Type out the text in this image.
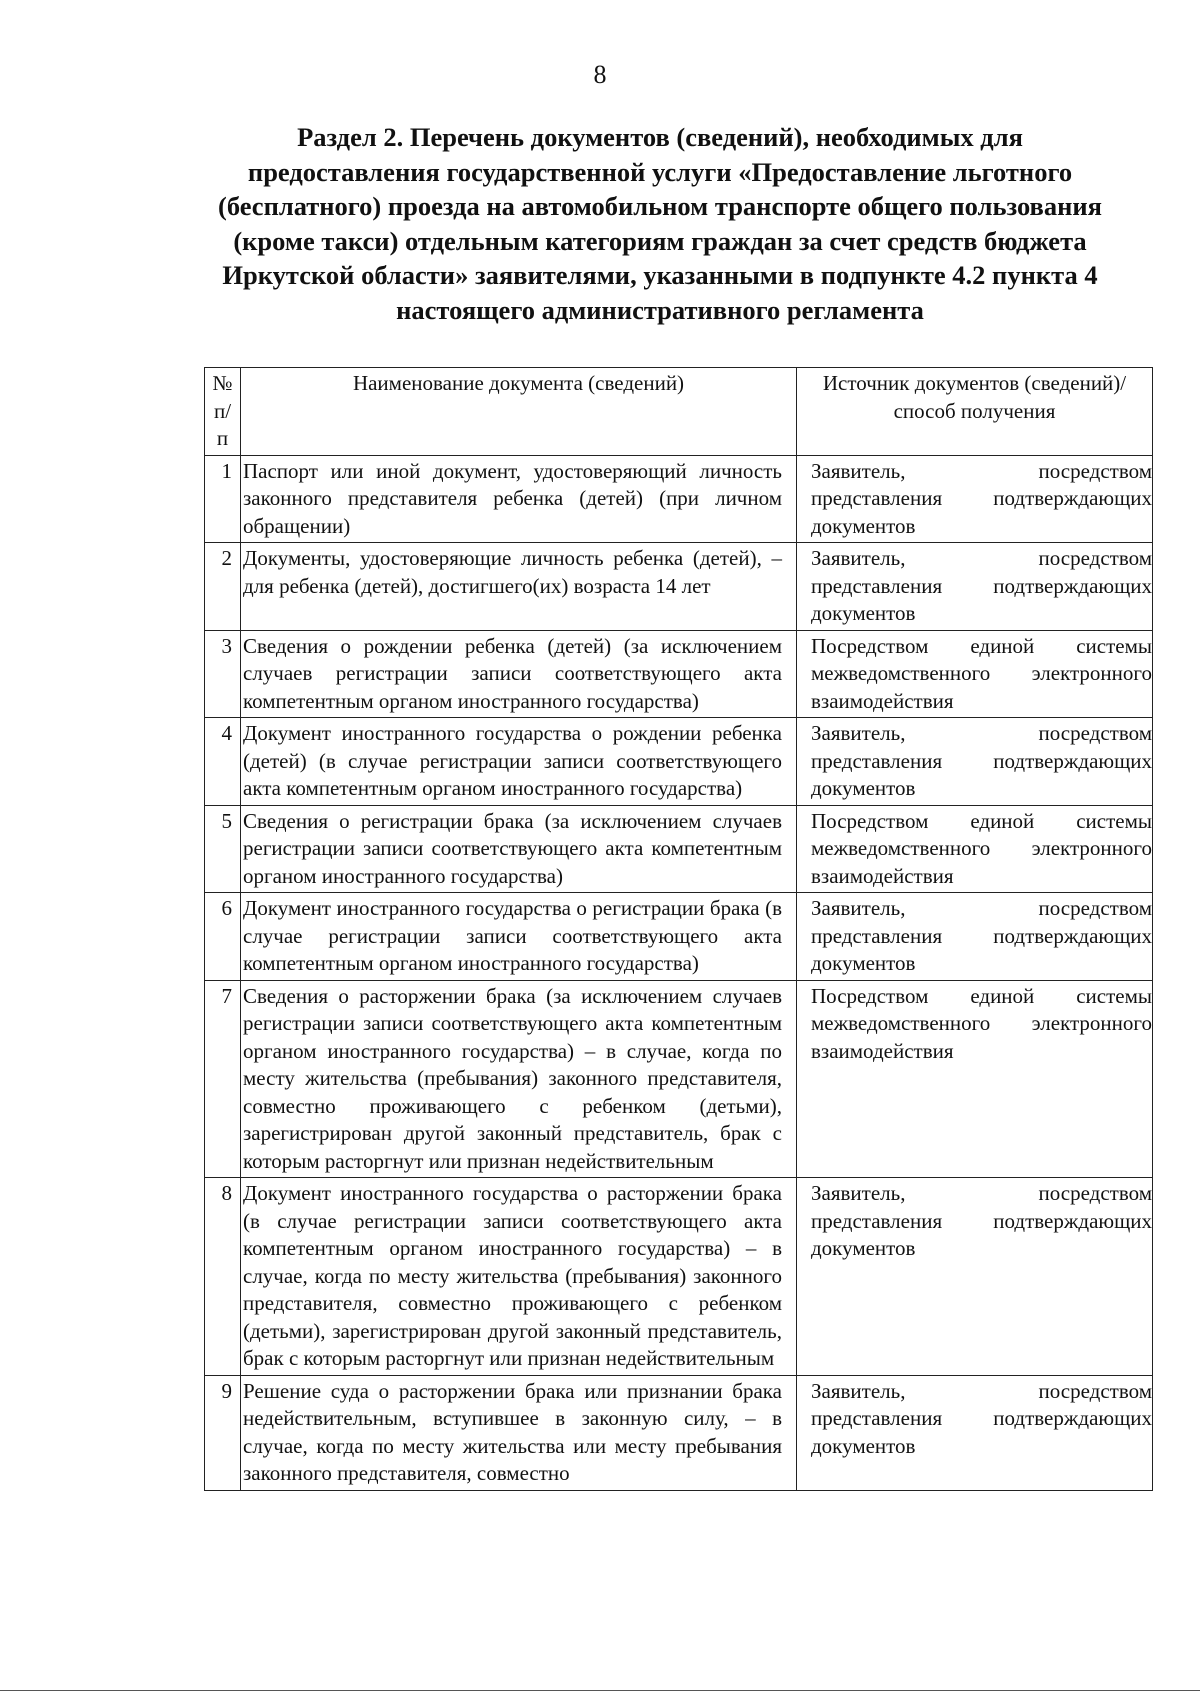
8
Раздел 2. Перечень документов (сведений), необходимых для предоставления государственной услуги «Предоставление льготного (бесплатного) проезда на автомобильном транспорте общего пользования (кроме такси) отдельным категориям граждан за счет средств бюджета Иркутской области» заявителями, указанными в подпункте 4.2 пункта 4 настоящего административного регламента
№ п/п	Наименование документа (сведений)	Источник документов (сведений)/способ получения
1	Паспорт или иной документ, удостоверяющий личность законного представителя ребенка (детей) (при личном обращении)	Заявитель, посредством представления подтверждающих документов
2	Документы, удостоверяющие личность ребенка (детей), – для ребенка (детей), достигшего(их) возраста 14 лет	Заявитель, посредством представления подтверждающих документов
3	Сведения о рождении ребенка (детей) (за исключением случаев регистрации записи соответствующего акта компетентным органом иностранного государства)	Посредством единой системы межведомственного электронного взаимодействия
4	Документ иностранного государства о рождении ребенка (детей) (в случае регистрации записи соответствующего акта компетентным органом иностранного государства)	Заявитель, посредством представления подтверждающих документов
5	Сведения о регистрации брака (за исключением случаев регистрации записи соответствующего акта компетентным органом иностранного государства)	Посредством единой системы межведомственного электронного взаимодействия
6	Документ иностранного государства о регистрации брака (в случае регистрации записи соответствующего акта компетентным органом иностранного государства)	Заявитель, посредством представления подтверждающих документов
7	Сведения о расторжении брака (за исключением случаев регистрации записи соответствующего акта компетентным органом иностранного государства) – в случае, когда по месту жительства (пребывания) законного представителя, совместно проживающего с ребенком (детьми), зарегистрирован другой законный представитель, брак с которым расторгнут или признан недействительным	Посредством единой системы межведомственного электронного взаимодействия
8	Документ иностранного государства о расторжении брака (в случае регистрации записи соответствующего акта компетентным органом иностранного государства) – в случае, когда по месту жительства (пребывания) законного представителя, совместно проживающего с ребенком (детьми), зарегистрирован другой законный представитель, брак с которым расторгнут или признан недействительным	Заявитель, посредством представления подтверждающих документов
9	Решение суда о расторжении брака или признании брака недействительным, вступившее в законную силу, – в случае, когда по месту жительства или месту пребывания законного представителя, совместно	Заявитель, посредством представления подтверждающих документов
